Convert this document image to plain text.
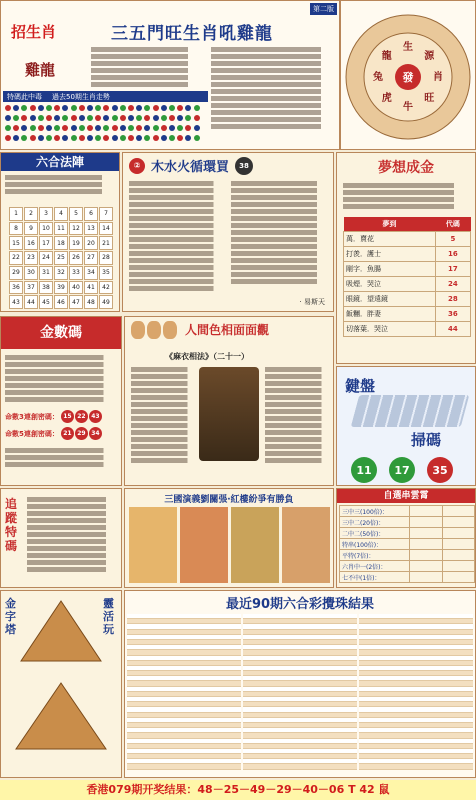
第二版
招生肖
雞龍
三五門旺生肖吼雞龍
特碼此中毒 過去50期生肖走勢
生
源
肖
旺
牛
虎
兔
龍
發
六合法陣
1	2	3	4	5	6	7
8	9	10	11	12	13	14
15	16	17	18	19	20	21
22	23	24	25	26	27	28
29	30	31	32	33	34	35
36	37	38	39	40	41	42
43	44	45	46	47	48	49
② 木水火循環買	38
· 易斯天
夢想成金
夢到	代碼
萬．賣花	5
打羨．護士	16
剛字．魚腸	17
吸煙．哭泣	24
眼鏡．望遠鏡	28
飯糰．胖妻	36
切落葉．哭泣	44
金數碼
命數3連創密碼： 15 22 43
命數5連創密碼： 21 29 34
人間色相面面觀
《麻衣相法》（二十一）
鍵盤
掃碼
11	17	35
追蹤特碼
三國演義劉關張‧紅樓紛爭有勝負	自選串雲霄
三中三(100倍)：		
三中二(20倍)：		
二中二(50倍)：		
特串(100倍)：		
平特(7倍)：		
六肖中一(2倍)：		
七不中(1倍)：		
最近90期六合彩攪珠結果
金字塔
靈活玩
香港079期开奖结果：48－25－49－29－40－06 T 42 鼠
